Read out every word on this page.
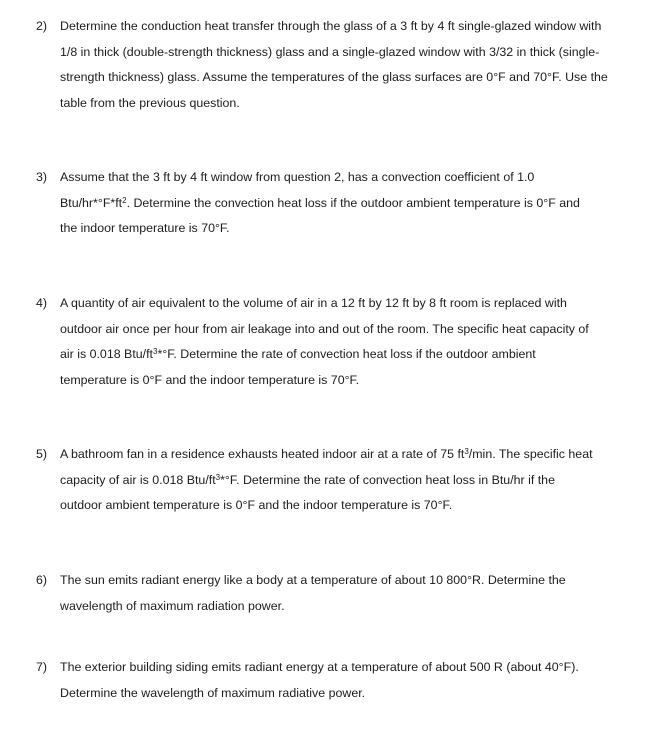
2)	Determine the conduction heat transfer through the glass of a 3 ft by 4 ft single-glazed window with
1/8 in thick (double-strength thickness) glass and a single-glazed window with 3/32 in thick (single-
strength thickness) glass. Assume the temperatures of the glass surfaces are 0°F and 70°F. Use the
table from the previous question.
3)	Assume that the 3 ft by 4 ft window from question 2, has a convection coefficient of 1.0
Btu/$hr*^\circ F*ft^2$. Determine the convection heat loss if the outdoor ambient temperature is 0°F and
the indoor temperature is 70°F.
4)	A quantity of air equivalent to the volume of air in a 12 ft by 12 ft by 8 ft room is replaced with
outdoor air once per hour from air leakage into and out of the room. The specific heat capacity of
air is 0.018 Btu/$ft^3*^\circ F$. Determine the rate of convection heat loss if the outdoor ambient
temperature is 0°F and the indoor temperature is 70°F.
5)	A bathroom fan in a residence exhausts heated indoor air at a rate of 75 $ft^3/\min$. The specific heat
capacity of air is 0.018 Btu/$ft^3*^\circ F$. Determine the rate of convection heat loss in Btu/hr if the
outdoor ambient temperature is 0°F and the indoor temperature is 70°F.
6)	The sun emits radiant energy like a body at a temperature of about 10 800°R. Determine the
wavelength of maximum radiation power.
7)	The exterior building siding emits radiant energy at a temperature of about 500 R (about 40°F).
Determine the wavelength of maximum radiative power.
